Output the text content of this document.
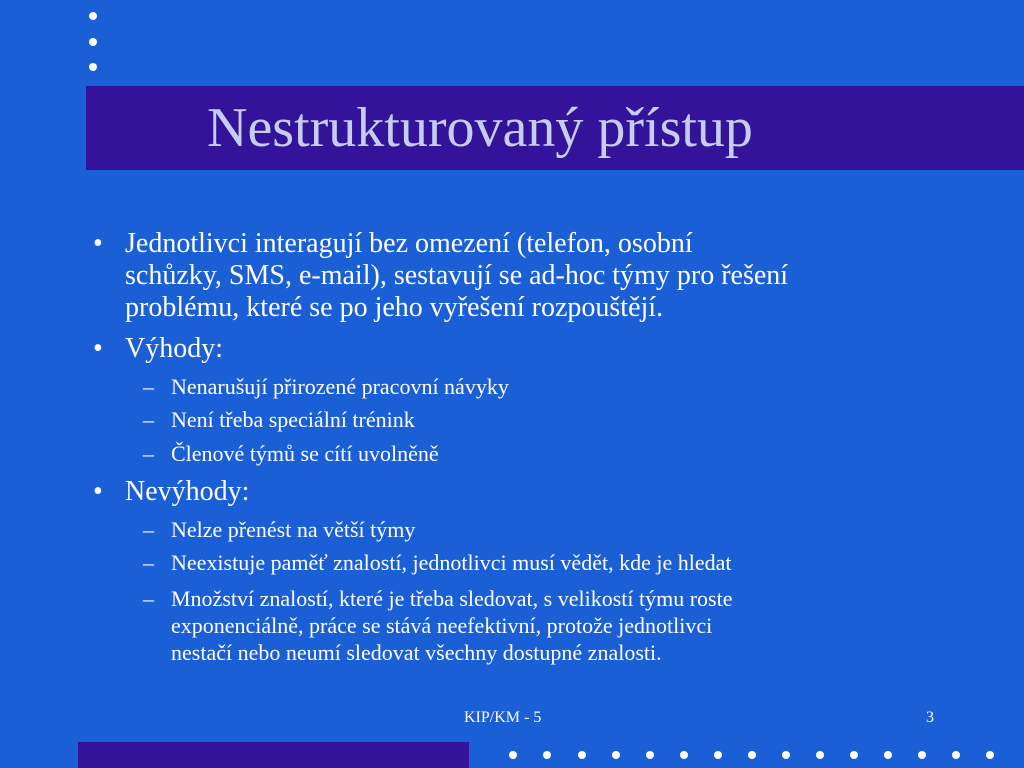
Nestrukturovaný přístup
• Jednotlivci interagují bez omezení (telefon, osobní
schůzky, SMS, e-mail), sestavují se ad-hoc týmy pro řešení
problému, které se po jeho vyřešení rozpouštějí.
• Výhody:
– Nenarušují přirozené pracovní návyky
– Není třeba speciální trénink
– Členové týmů se cítí uvolněně
• Nevýhody:
– Nelze přenést na větší týmy
– Neexistuje paměť znalostí, jednotlivci musí vědět, kde je hledat
– Množství znalostí, které je třeba sledovat, s velikostí týmu roste
exponenciálně, práce se stává neefektivní, protože jednotlivci
nestačí nebo neumí sledovat všechny dostupné znalosti.
KIP/KM - 5	3
